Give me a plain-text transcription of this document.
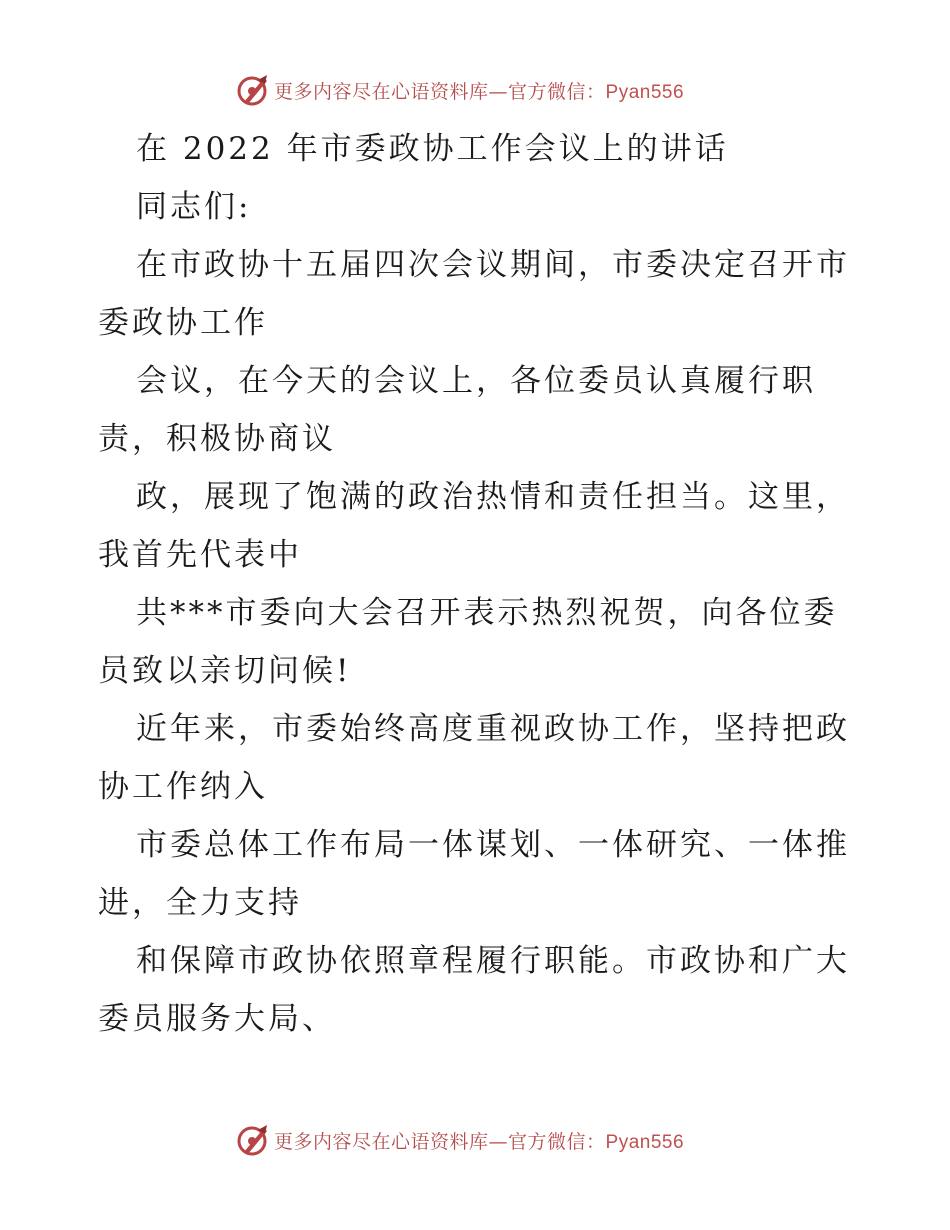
更多内容尽在心语资料库—官方微信：Pyan556
在 2022 年市委政协工作会议上的讲话
同志们:
在市政协十五届四次会议期间，市委决定召开市
委政协工作
会议，在今天的会议上，各位委员认真履行职
责，积极协商议
政，展现了饱满的政治热情和责任担当。这里，
我首先代表中
共***市委向大会召开表示热烈祝贺，向各位委
员致以亲切问候!
近年来，市委始终高度重视政协工作，坚持把政
协工作纳入
市委总体工作布局一体谋划、一体研究、一体推
进，全力支持
和保障市政协依照章程履行职能。市政协和广大
委员服务大局、
更多内容尽在心语资料库—官方微信：Pyan556
